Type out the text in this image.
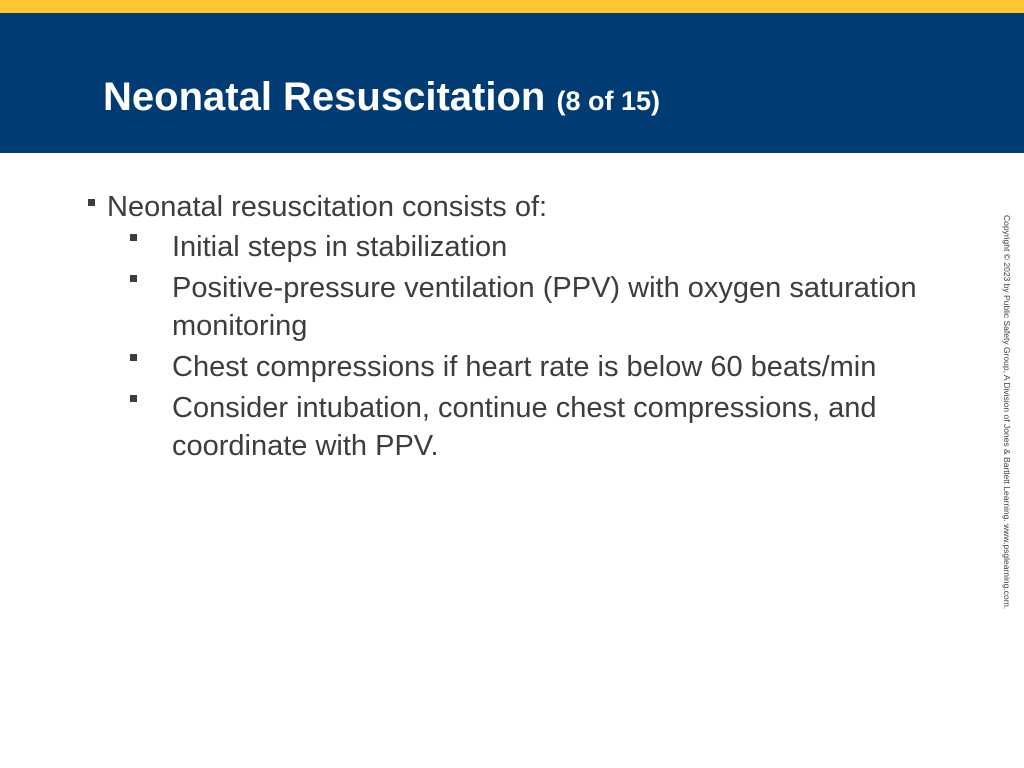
Neonatal Resuscitation (8 of 15)
Neonatal resuscitation consists of:
Initial steps in stabilization
Positive-pressure ventilation (PPV) with oxygen saturation monitoring
Chest compressions if heart rate is below 60 beats/min
Consider intubation, continue chest compressions, and coordinate with PPV.	Copyright © 2023 by Public Safety Group, A Division of Jones & Bartlett Learning. www.psglearning.com.
